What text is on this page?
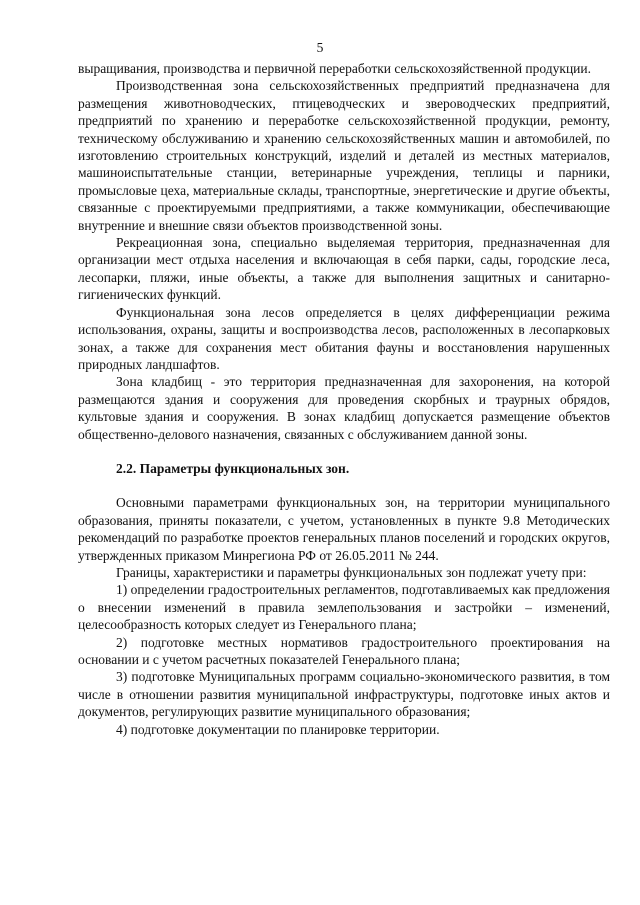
5

выращивания, производства и первичной переработки сельскохозяйственной продукции.

Производственная зона сельскохозяйственных предприятий предназначена для размещения животноводческих, птицеводческих и звероводческих предприятий, предприятий по хранению и переработке сельскохозяйственной продукции, ремонту, техническому обслуживанию и хранению сельскохозяйственных машин и автомобилей, по изготовлению строительных конструкций, изделий и деталей из местных материалов, машиноиспытательные станции, ветеринарные учреждения, теплицы и парники, промысловые цеха, материальные склады, транспортные, энергетические и другие объекты, связанные с проектируемыми предприятиями, а также коммуникации, обеспечивающие внутренние и внешние связи объектов производственной зоны.

Рекреационная зона, специально выделяемая территория, предназначенная для организации мест отдыха населения и включающая в себя парки, сады, городские леса, лесопарки, пляжи, иные объекты, а также для выполнения защитных и санитарно-гигиенических функций.

Функциональная зона лесов определяется в целях дифференциации режима использования, охраны, защиты и воспроизводства лесов, расположенных в лесопарковых зонах, а также для сохранения мест обитания фауны и восстановления нарушенных природных ландшафтов.

Зона кладбищ - это территория предназначенная для захоронения, на которой размещаются здания и сооружения для проведения скорбных и траурных обрядов, культовые здания и сооружения. В зонах кладбищ допускается размещение объектов общественно-делового назначения, связанных с обслуживанием данной зоны.

2.2. Параметры функциональных зон.

Основными параметрами функциональных зон, на территории муниципального образования, приняты показатели, с учетом, установленных в пункте 9.8 Методических рекомендаций по разработке проектов генеральных планов поселений и городских округов, утвержденных приказом Минрегиона РФ от 26.05.2011 № 244.

Границы, характеристики и параметры функциональных зон подлежат учету при:

1) определении градостроительных регламентов, подготавливаемых как предложения о внесении изменений в правила землепользования и застройки – изменений, целесообразность которых следует из Генерального плана;

2) подготовке местных нормативов градостроительного проектирования на основании и с учетом расчетных показателей Генерального плана;

3) подготовке Муниципальных программ социально-экономического развития, в том числе в отношении развития муниципальной инфраструктуры, подготовке иных актов и документов, регулирующих развитие муниципального образования;

4) подготовке документации по планировке территории.
